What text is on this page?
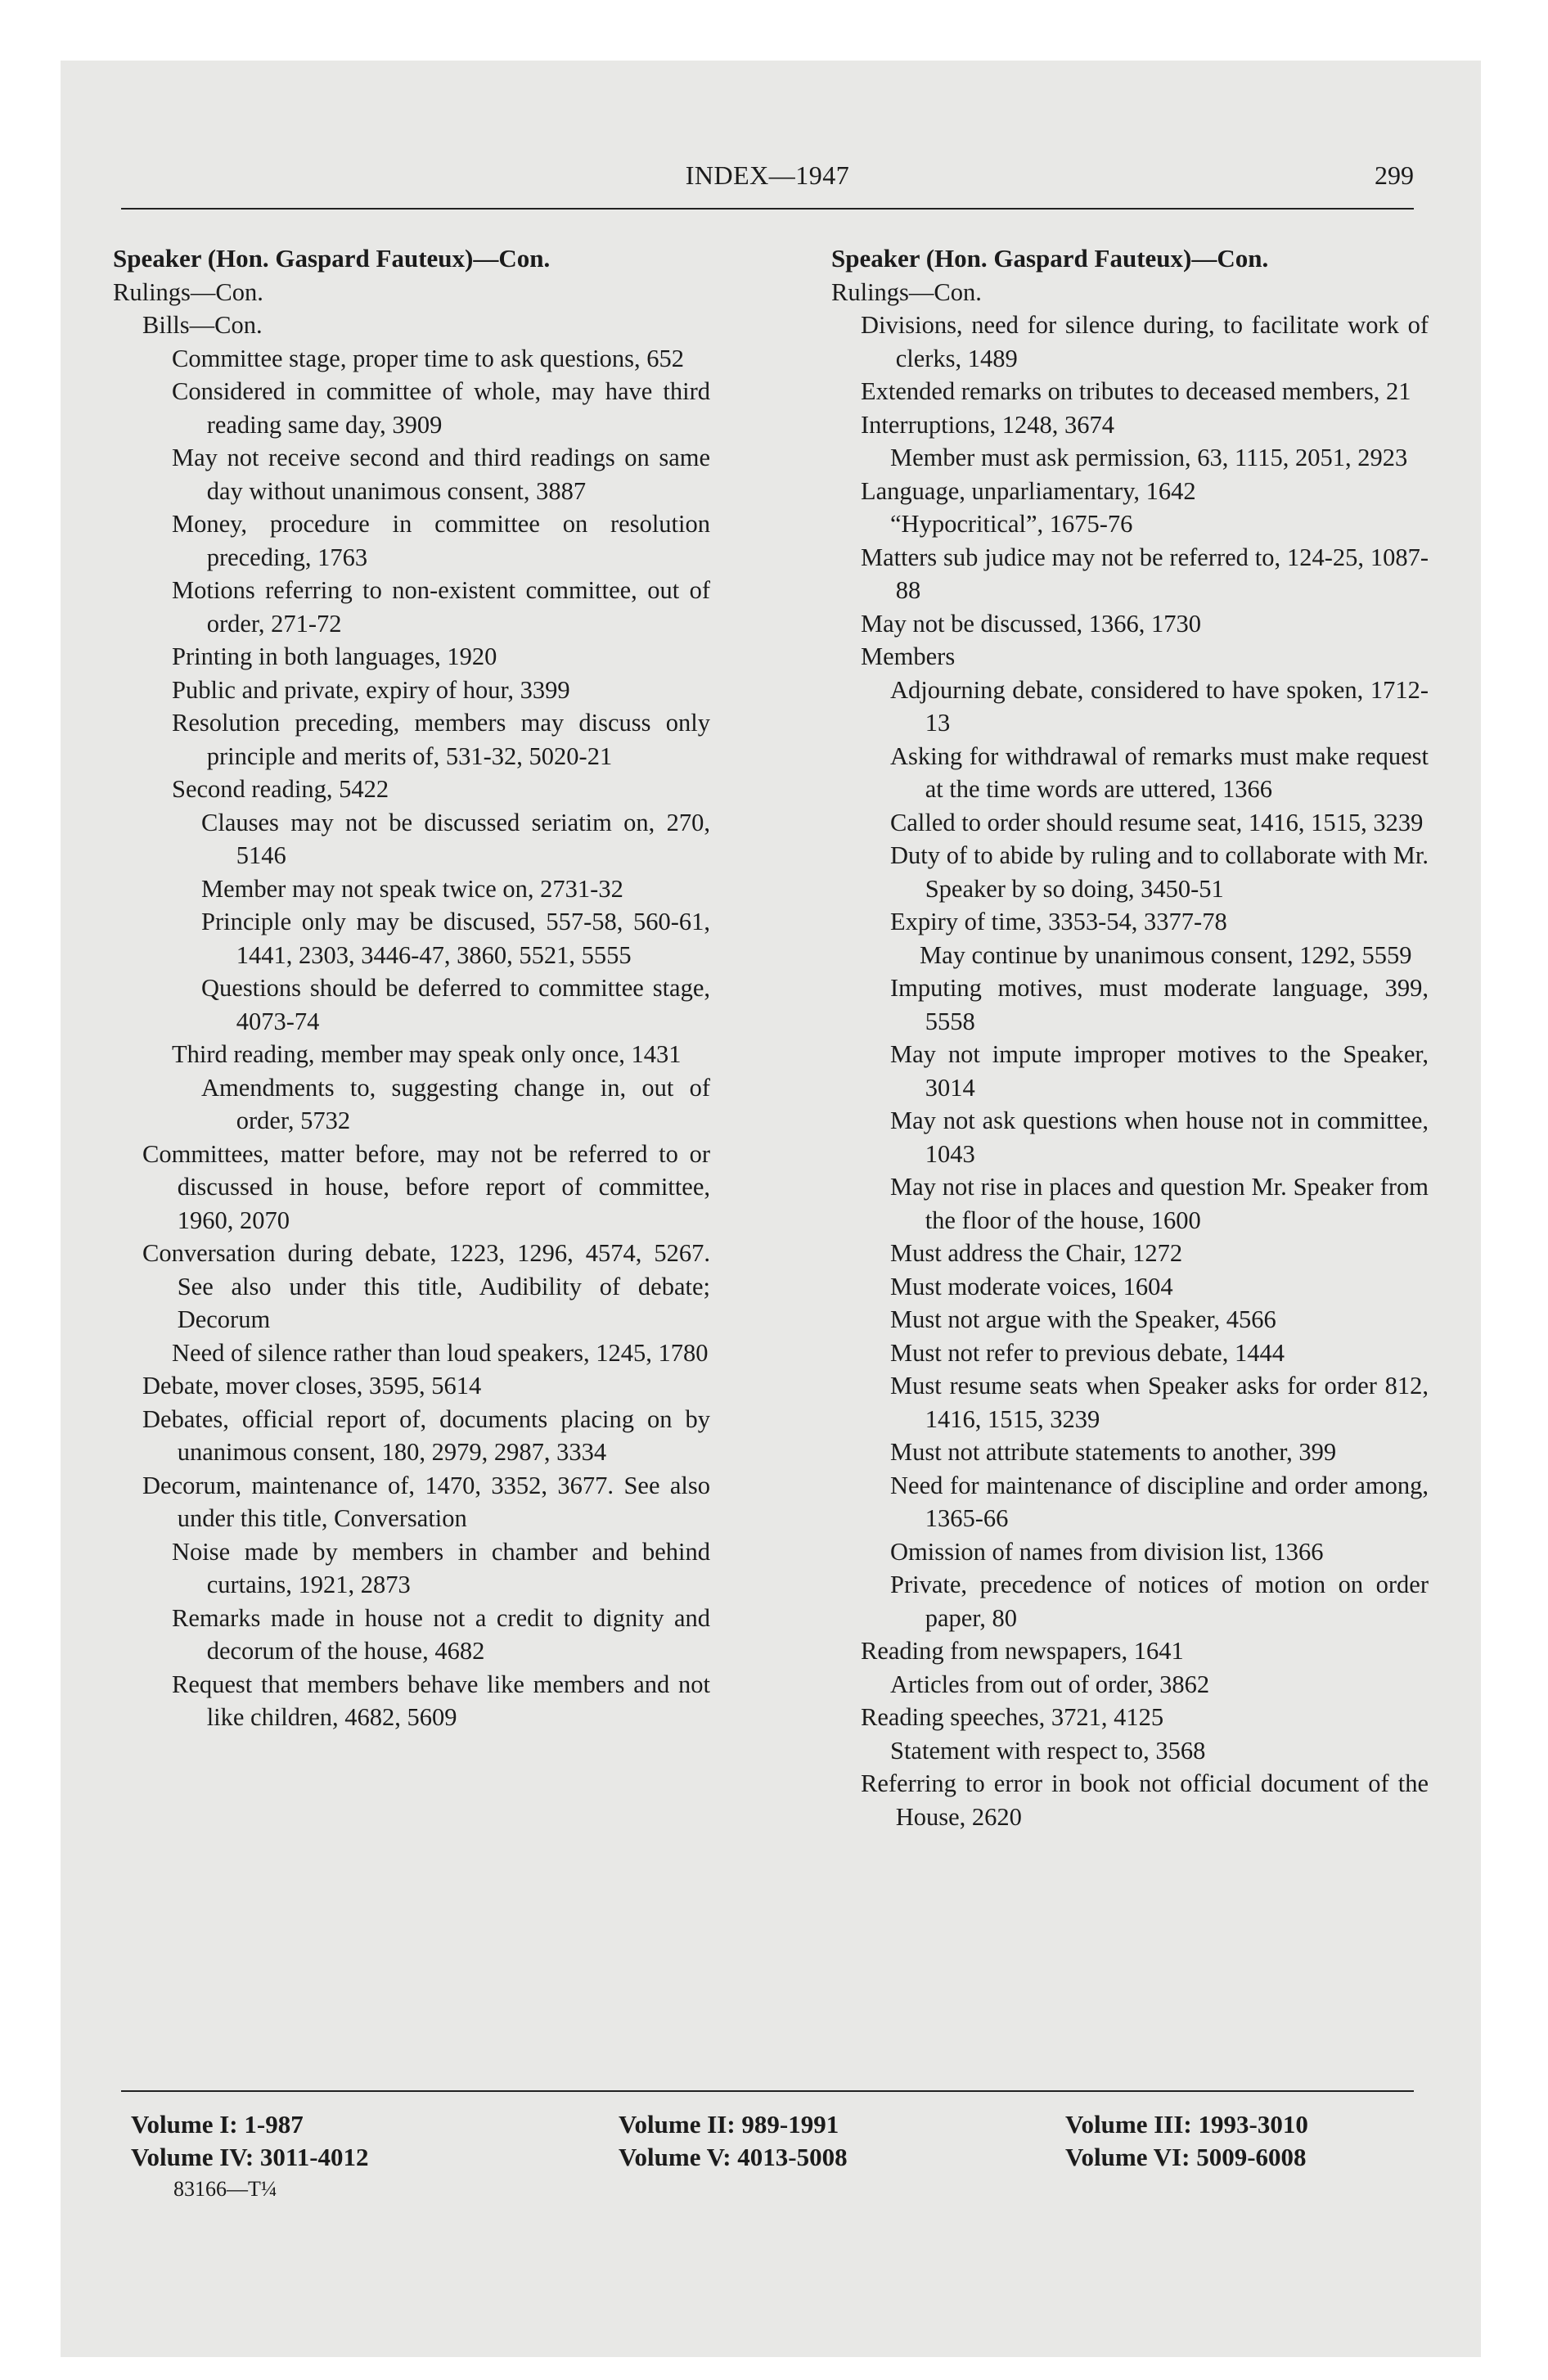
INDEX—1947	299
Speaker (Hon. Gaspard Fauteux)—Con.
Rulings—Con.
Bills—Con.
Committee stage, proper time to ask questions, 652
Considered in committee of whole, may have third reading same day, 3909
May not receive second and third readings on same day without unanimous consent, 3887
Money, procedure in committee on resolution preceding, 1763
Motions referring to non-existent committee, out of order, 271-72
Printing in both languages, 1920
Public and private, expiry of hour, 3399
Resolution preceding, members may discuss only principle and merits of, 531-32, 5020-21
Second reading, 5422
Clauses may not be discussed seriatim on, 270, 5146
Member may not speak twice on, 2731-32
Principle only may be discused, 557-58, 560-61, 1441, 2303, 3446-47, 3860, 5521, 5555
Questions should be deferred to committee stage, 4073-74
Third reading, member may speak only once, 1431
Amendments to, suggesting change in, out of order, 5732
Committees, matter before, may not be referred to or discussed in house, before report of committee, 1960, 2070
Conversation during debate, 1223, 1296, 4574, 5267. See also under this title, Audibility of debate; Decorum
Need of silence rather than loud speakers, 1245, 1780
Debate, mover closes, 3595, 5614
Debates, official report of, documents placing on by unanimous consent, 180, 2979, 2987, 3334
Decorum, maintenance of, 1470, 3352, 3677. See also under this title, Conversation
Noise made by members in chamber and behind curtains, 1921, 2873
Remarks made in house not a credit to dignity and decorum of the house, 4682
Request that members behave like members and not like children, 4682, 5609
Speaker (Hon. Gaspard Fauteux)—Con.
Rulings—Con.
Divisions, need for silence during, to facilitate work of clerks, 1489
Extended remarks on tributes to deceased members, 21
Interruptions, 1248, 3674
Member must ask permission, 63, 1115, 2051, 2923
Language, unparliamentary, 1642
“Hypocritical”, 1675-76
Matters sub judice may not be referred to, 124-25, 1087-88
May not be discussed, 1366, 1730
Members
Adjourning debate, considered to have spoken, 1712-13
Asking for withdrawal of remarks must make request at the time words are uttered, 1366
Called to order should resume seat, 1416, 1515, 3239
Duty of to abide by ruling and to collaborate with Mr. Speaker by so doing, 3450-51
Expiry of time, 3353-54, 3377-78
May continue by unanimous consent, 1292, 5559
Imputing motives, must moderate language, 399, 5558
May not impute improper motives to the Speaker, 3014
May not ask questions when house not in committee, 1043
May not rise in places and question Mr. Speaker from the floor of the house, 1600
Must address the Chair, 1272
Must moderate voices, 1604
Must not argue with the Speaker, 4566
Must not refer to previous debate, 1444
Must resume seats when Speaker asks for order 812, 1416, 1515, 3239
Must not attribute statements to another, 399
Need for maintenance of discipline and order among, 1365-66
Omission of names from division list, 1366
Private, precedence of notices of motion on order paper, 80
Reading from newspapers, 1641
Articles from out of order, 3862
Reading speeches, 3721, 4125
Statement with respect to, 3568
Referring to error in book not official document of the House, 2620
Volume I: 1-987
Volume IV: 3011-4012
Volume II: 989-1991
Volume V: 4013-5008
Volume III: 1993-3010
Volume VI: 5009-6008
83166—T¼
